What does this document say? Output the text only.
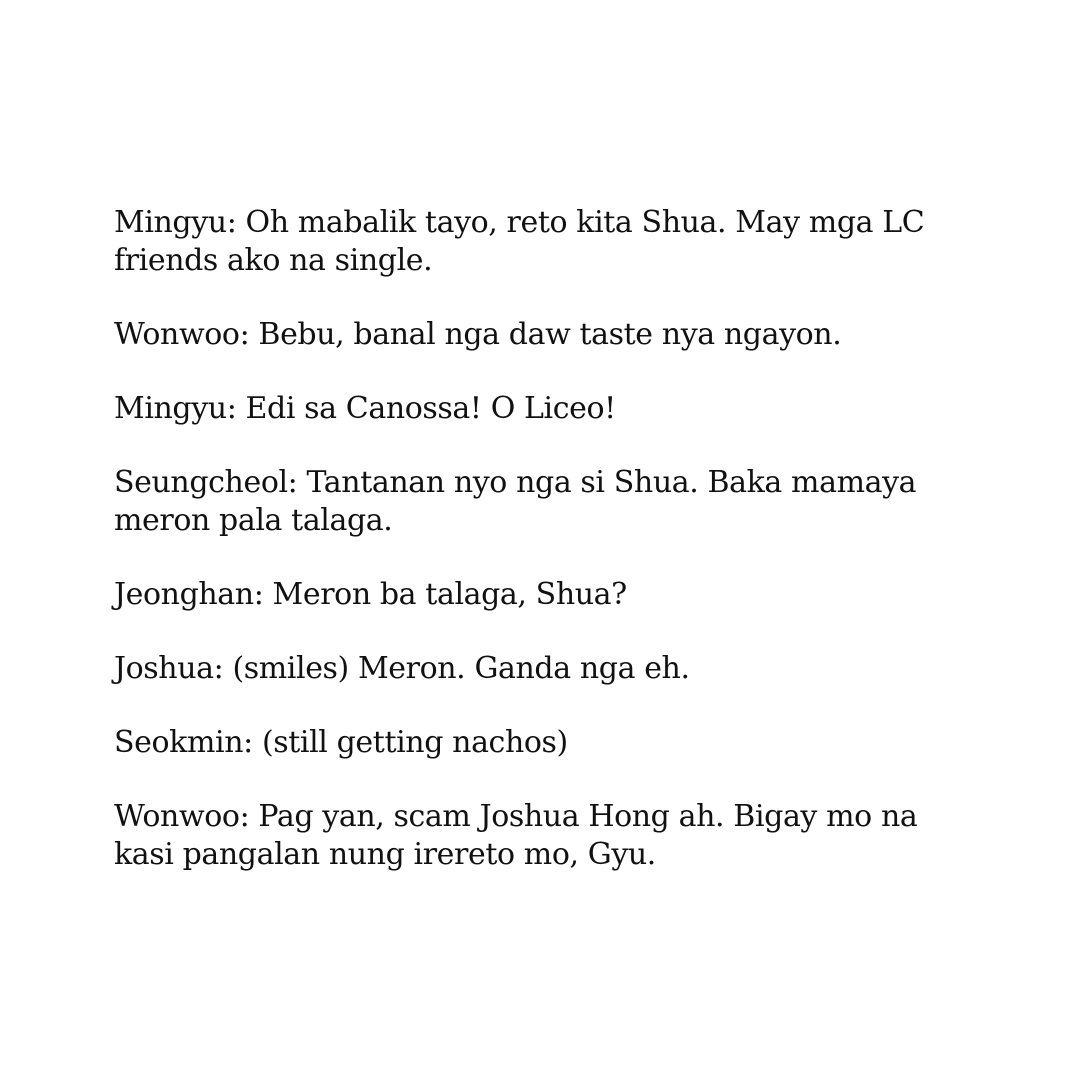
Mingyu: Oh mabalik tayo, reto kita Shua. May mga LC friends ako na single.

Wonwoo: Bebu, banal nga daw taste nya ngayon.

Mingyu: Edi sa Canossa! O Liceo!

Seungcheol: Tantanan nyo nga si Shua. Baka mamaya meron pala talaga.

Jeonghan: Meron ba talaga, Shua?

Joshua: (smiles) Meron. Ganda nga eh.

Seokmin: (still getting nachos)

Wonwoo: Pag yan, scam Joshua Hong ah. Bigay mo na kasi pangalan nung irereto mo, Gyu.
